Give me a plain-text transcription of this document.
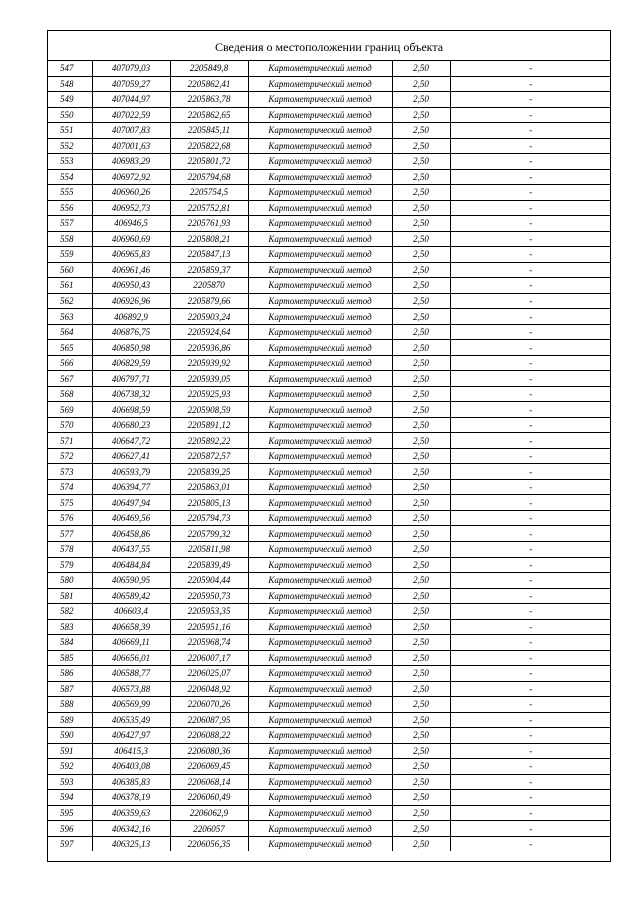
Сведения о местоположении границ объекта
547	407079,03	2205849,8	Картометрический метод	2,50	-
548	407059,27	2205862,41	Картометрический метод	2,50	-
549	407044,97	2205863,78	Картометрический метод	2,50	-
550	407022,59	2205862,65	Картометрический метод	2,50	-
551	407007,83	2205845,11	Картометрический метод	2,50	-
552	407001,63	2205822,68	Картометрический метод	2,50	-
553	406983,29	2205801,72	Картометрический метод	2,50	-
554	406972,92	2205794,68	Картометрический метод	2,50	-
555	406960,26	2205754,5	Картометрический метод	2,50	-
556	406952,73	2205752,81	Картометрический метод	2,50	-
557	406946,5	2205761,93	Картометрический метод	2,50	-
558	406960,69	2205808,21	Картометрический метод	2,50	-
559	406965,83	2205847,13	Картометрический метод	2,50	-
560	406961,46	2205859,37	Картометрический метод	2,50	-
561	406950,43	2205870	Картометрический метод	2,50	-
562	406926,96	2205879,66	Картометрический метод	2,50	-
563	406892,9	2205903,24	Картометрический метод	2,50	-
564	406876,75	2205924,64	Картометрический метод	2,50	-
565	406850,98	2205936,86	Картометрический метод	2,50	-
566	406829,59	2205939,92	Картометрический метод	2,50	-
567	406797,71	2205939,05	Картометрический метод	2,50	-
568	406738,32	2205925,93	Картометрический метод	2,50	-
569	406698,59	2205908,59	Картометрический метод	2,50	-
570	406680,23	2205891,12	Картометрический метод	2,50	-
571	406647,72	2205892,22	Картометрический метод	2,50	-
572	406627,41	2205872,57	Картометрический метод	2,50	-
573	406593,79	2205839,25	Картометрический метод	2,50	-
574	406394,77	2205863,01	Картометрический метод	2,50	-
575	406497,94	2205805,13	Картометрический метод	2,50	-
576	406469,56	2205794,73	Картометрический метод	2,50	-
577	406458,86	2205799,32	Картометрический метод	2,50	-
578	406437,55	2205811,98	Картометрический метод	2,50	-
579	406484,84	2205839,49	Картометрический метод	2,50	-
580	406590,95	2205904,44	Картометрический метод	2,50	-
581	406589,42	2205950,73	Картометрический метод	2,50	-
582	406603,4	2205953,35	Картометрический метод	2,50	-
583	406658,39	2205951,16	Картометрический метод	2,50	-
584	406669,11	2205968,74	Картометрический метод	2,50	-
585	406656,01	2206007,17	Картометрический метод	2,50	-
586	406588,77	2206025,07	Картометрический метод	2,50	-
587	406573,88	2206048,92	Картометрический метод	2,50	-
588	406569,99	2206070,26	Картометрический метод	2,50	-
589	406535,49	2206087,95	Картометрический метод	2,50	-
590	406427,97	2206088,22	Картометрический метод	2,50	-
591	406415,3	2206080,36	Картометрический метод	2,50	-
592	406403,08	2206069,45	Картометрический метод	2,50	-
593	406385,83	2206068,14	Картометрический метод	2,50	-
594	406378,19	2206060,49	Картометрический метод	2,50	-
595	406359,63	2206062,9	Картометрический метод	2,50	-
596	406342,16	2206057	Картометрический метод	2,50	-
597	406325,13	2206056,35	Картометрический метод	2,50	-
